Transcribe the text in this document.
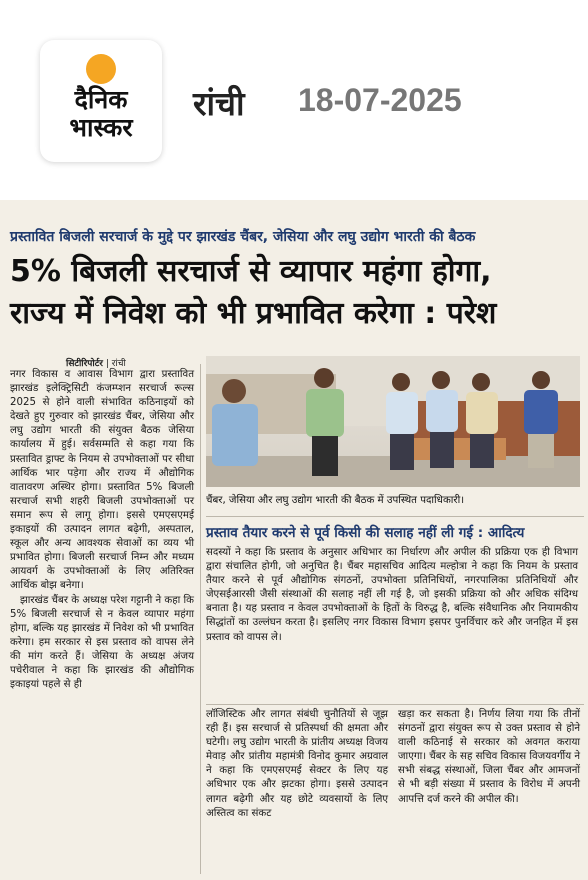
दैनिक
भास्कर
रांची 18-07-2025
प्रस्तावित बिजली सरचार्ज के मुद्दे पर झारखंड चैंबर, जेसिया और लघु उद्योग भारती की बैठक
5% बिजली सरचार्ज से व्यापार महंगा होगा,
राज्य में निवेश को भी प्रभावित करेगा : परेश
सिटीरिपोर्टर | रांची
नगर विकास व आवास विभाग द्वारा प्रस्तावित झारखंड इलेक्ट्रिसिटी कंजम्प्शन सरचार्ज रूल्स 2025 से होने वाली संभावित कठिनाइयों को देखते हुए गुरुवार को झारखंड चैंबर, जेसिया और लघु उद्योग भारती की संयुक्त बैठक जेसिया कार्यालय में हुई। सर्वसम्मति से कहा गया कि प्रस्तावित ड्राफ्ट के नियम से उपभोक्ताओं पर सीधा आर्थिक भार पड़ेगा और राज्य में औद्योगिक वातावरण अस्थिर होगा। प्रस्तावित 5% बिजली सरचार्ज सभी शहरी बिजली उपभोक्ताओं पर समान रूप से लागू होगा। इससे एमएसएमई इकाइयों की उत्पादन लागत बढ़ेगी, अस्पताल, स्कूल और अन्य आवश्यक सेवाओं का व्यय भी प्रभावित होगा। बिजली सरचार्ज निम्न और मध्यम आयवर्ग के उपभोक्ताओं के लिए अतिरिक्त आर्थिक बोझ बनेगा।
झारखंड चैंबर के अध्यक्ष परेश गट्टानी ने कहा कि 5% बिजली सरचार्ज से न केवल व्यापार महंगा होगा, बल्कि यह झारखंड में निवेश को भी प्रभावित करेगा। हम सरकार से इस प्रस्ताव को वापस लेने की मांग करते हैं। जेसिया के अध्यक्ष अंजय पचेरीवाल ने कहा कि झारखंड की औद्योगिक इकाइयां पहले से ही
चैंबर, जेसिया और लघु उद्योग भारती की बैठक में उपस्थित पदाधिकारी।
प्रस्ताव तैयार करने से पूर्व किसी की सलाह नहीं ली गई : आदित्य
सदस्यों ने कहा कि प्रस्ताव के अनुसार अधिभार का निर्धारण और अपील की प्रक्रिया एक ही विभाग द्वारा संचालित होगी, जो अनुचित है। चैंबर महासचिव आदित्य मल्होत्रा ने कहा कि नियम के प्रस्ताव तैयार करने से पूर्व औद्योगिक संगठनों, उपभोक्ता प्रतिनिधियों, नगरपालिका प्रतिनिधियों और जेएसईआरसी जैसी संस्थाओं की सलाह नहीं ली गई है, जो इसकी प्रक्रिया को और अधिक संदिग्ध बनाता है। यह प्रस्ताव न केवल उपभोक्ताओं के हितों के विरुद्ध है, बल्कि संवैधानिक और नियामकीय सिद्धांतों का उल्लंघन करता है। इसलिए नगर विकास विभाग इसपर पुनर्विचार करे और जनहित में इस प्रस्ताव को वापस ले।
लॉजिस्टिक और लागत संबंधी चुनौतियों से जूझ रही हैं। इस सरचार्ज से प्रतिस्पर्धा की क्षमता और घटेगी। लघु उद्योग भारती के प्रांतीय अध्यक्ष विजय मेवाड़ और प्रांतीय महामंत्री विनोद कुमार अग्रवाल ने कहा कि एमएसएमई सेक्टर के लिए यह अधिभार एक और झटका होगा। इससे उत्पादन लागत बढ़ेगी और यह छोटे व्यवसायों के लिए अस्तित्व का संकट
खड़ा कर सकता है। निर्णय लिया गया कि तीनों संगठनों द्वारा संयुक्त रूप से उक्त प्रस्ताव से होने वाली कठिनाई से सरकार को अवगत कराया जाएगा। चैंबर के सह सचिव विकास विजयवर्गीय ने सभी संबद्ध संस्थाओं, जिला चैंबर और आमजनों से भी बड़ी संख्या में प्रस्ताव के विरोध में अपनी आपत्ति दर्ज करने की अपील की।
